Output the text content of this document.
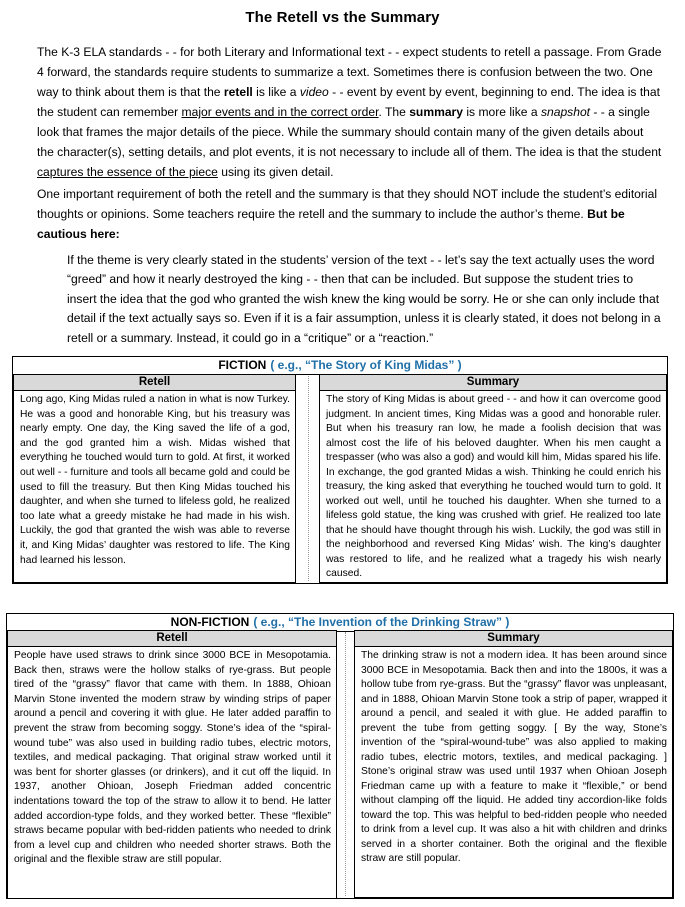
The Retell vs the Summary
The K-3 ELA standards - - for both Literary and Informational text - - expect students to retell a passage. From Grade 4 forward, the standards require students to summarize a text. Sometimes there is confusion between the two. One way to think about them is that the retell is like a video - - event by event by event, beginning to end. The idea is that the student can remember major events and in the correct order. The summary is more like a snapshot - - a single look that frames the major details of the piece. While the summary should contain many of the given details about the character(s), setting details, and plot events, it is not necessary to include all of them. The idea is that the student captures the essence of the piece using its given detail.
One important requirement of both the retell and the summary is that they should NOT include the student’s editorial thoughts or opinions. Some teachers require the retell and the summary to include the author’s theme. But be cautious here:
If the theme is very clearly stated in the students’ version of the text - - let’s say the text actually uses the word “greed” and how it nearly destroyed the king - - then that can be included. But suppose the student tries to insert the idea that the god who granted the wish knew the king would be sorry. He or she can only include that detail if the text actually says so. Even if it is a fair assumption, unless it is clearly stated, it does not belong in a retell or a summary. Instead, it could go in a “critique” or a “reaction.”
FICTION ( e.g., “The Story of King Midas” )
Retell
Long ago, King Midas ruled a nation in what is now Turkey. He was a good and honorable King, but his treasury was nearly empty. One day, the King saved the life of a god, and the god granted him a wish. Midas wished that everything he touched would turn to gold. At first, it worked out well - - furniture and tools all became gold and could be used to fill the treasury. But then King Midas touched his daughter, and when she turned to lifeless gold, he realized too late what a greedy mistake he had made in his wish. Luckily, the god that granted the wish was able to reverse it, and King Midas’ daughter was restored to life. The King had learned his lesson.
Summary
The story of King Midas is about greed - - and how it can overcome good judgment. In ancient times, King Midas was a good and honorable ruler. But when his treasury ran low, he made a foolish decision that was almost cost the life of his beloved daughter. When his men caught a trespasser (who was also a god) and would kill him, Midas spared his life. In exchange, the god granted Midas a wish. Thinking he could enrich his treasury, the king asked that everything he touched would turn to gold. It worked out well, until he touched his daughter. When she turned to a lifeless gold statue, the king was crushed with grief. He realized too late that he should have thought through his wish. Luckily, the god was still in the neighborhood and reversed King Midas’ wish. The king’s daughter was restored to life, and he realized what a tragedy his wish nearly caused.
NON-FICTION ( e.g., “The Invention of the Drinking Straw” )
Retell
People have used straws to drink since 3000 BCE in Mesopotamia. Back then, straws were the hollow stalks of rye-grass. But people tired of the “grassy” flavor that came with them. In 1888, Ohioan Marvin Stone invented the modern straw by winding strips of paper around a pencil and covering it with glue. He later added paraffin to prevent the straw from becoming soggy. Stone’s idea of the “spiral-wound tube” was also used in building radio tubes, electric motors, textiles, and medical packaging. That original straw worked until it was bent for shorter glasses (or drinkers), and it cut off the liquid. In 1937, another Ohioan, Joseph Friedman added concentric indentations toward the top of the straw to allow it to bend. He latter added accordion-type folds, and they worked better. These “flexible” straws became popular with bed-ridden patients who needed to drink from a level cup and children who needed shorter straws. Both the original and the flexible straw are still popular.
Summary
The drinking straw is not a modern idea. It has been around since 3000 BCE in Mesopotamia. Back then and into the 1800s, it was a hollow tube from rye-grass. But the “grassy” flavor was unpleasant, and in 1888, Ohioan Marvin Stone took a strip of paper, wrapped it around a pencil, and sealed it with glue. He added paraffin to prevent the tube from getting soggy. [ By the way, Stone’s invention of the “spiral-wound-tube” was also applied to making radio tubes, electric motors, textiles, and medical packaging. ] Stone’s original straw was used until 1937 when Ohioan Joseph Friedman came up with a feature to make it “flexible,” or bend without clamping off the liquid. He added tiny accordion-like folds toward the top. This was helpful to bed-ridden people who needed to drink from a level cup. It was also a hit with children and drinks served in a shorter container. Both the original and the flexible straw are still popular.
